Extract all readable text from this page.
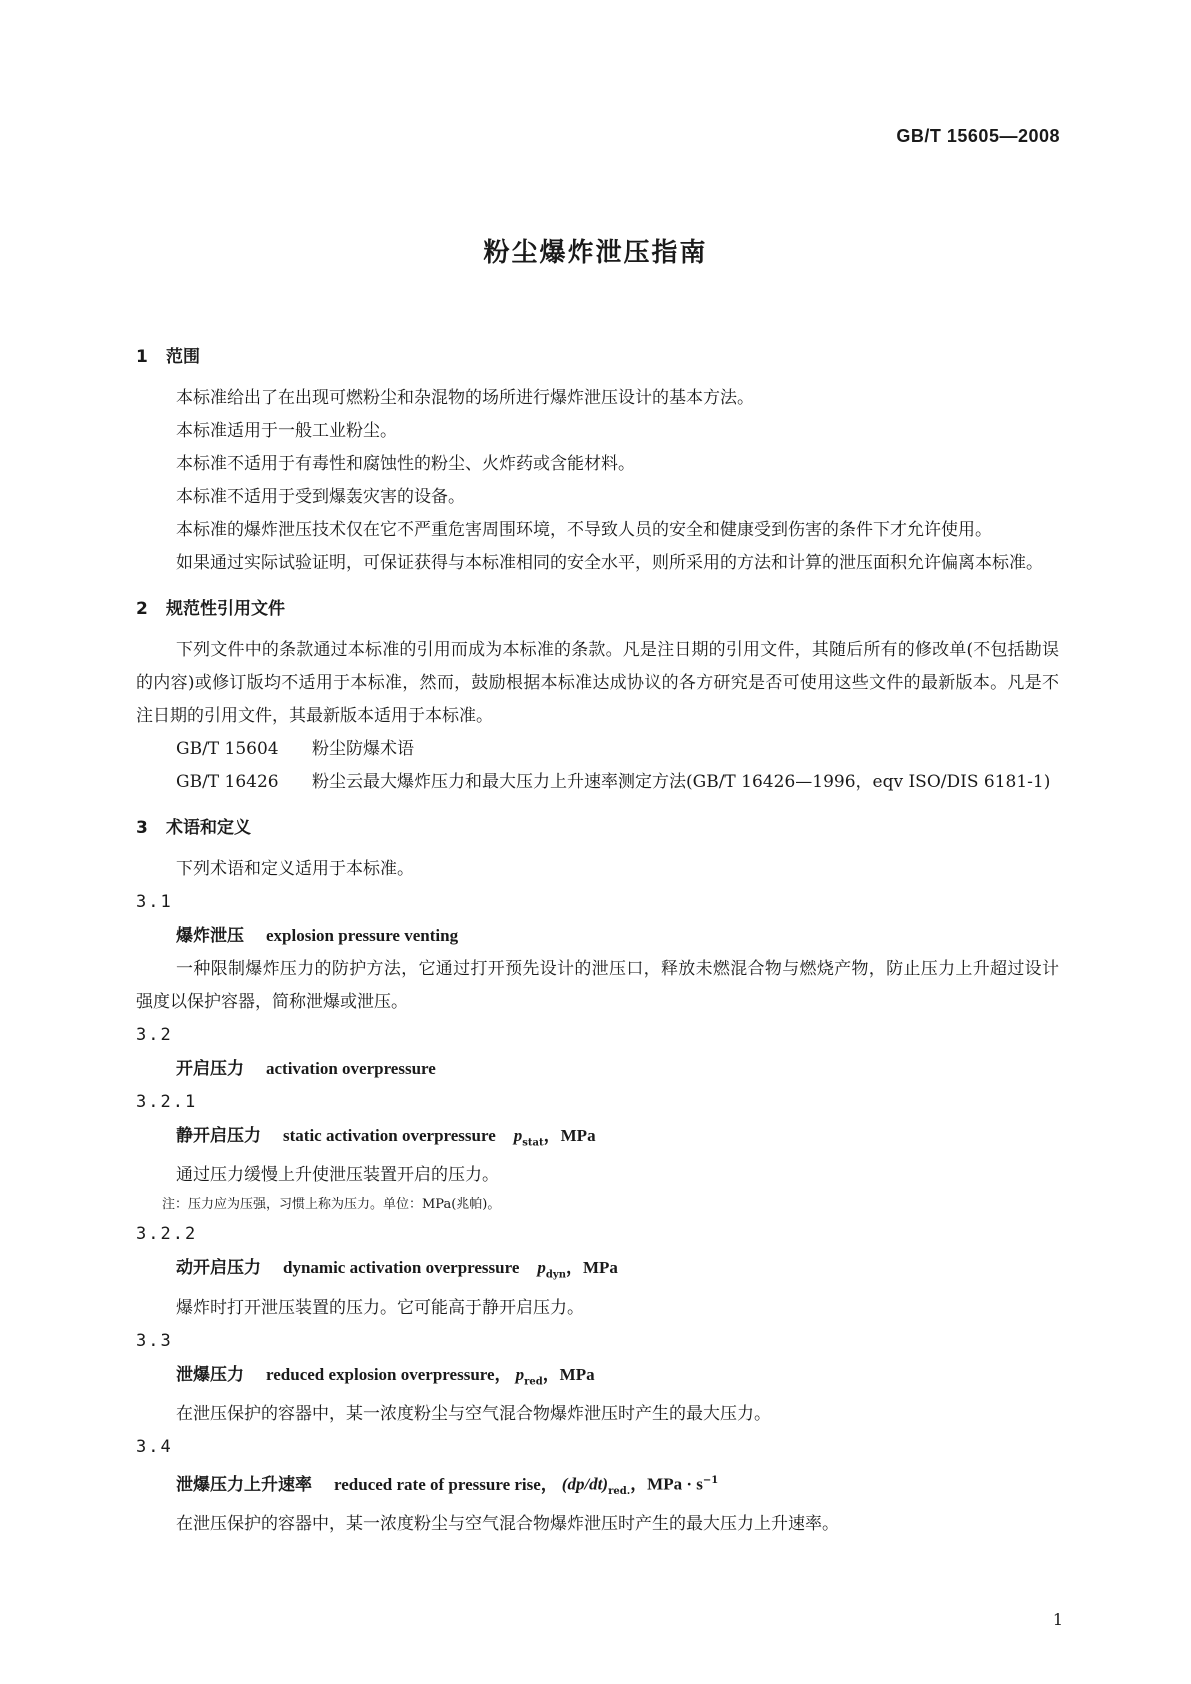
GB/T 15605—2008
粉尘爆炸泄压指南
1 范围

本标准给出了在出现可燃粉尘和杂混物的场所进行爆炸泄压设计的基本方法。

本标准适用于一般工业粉尘。

本标准不适用于有毒性和腐蚀性的粉尘、火炸药或含能材料。

本标准不适用于受到爆轰灾害的设备。

本标准的爆炸泄压技术仅在它不严重危害周围环境，不导致人员的安全和健康受到伤害的条件下才允许使用。

如果通过实际试验证明，可保证获得与本标准相同的安全水平，则所采用的方法和计算的泄压面积允许偏离本标准。

2 规范性引用文件

下列文件中的条款通过本标准的引用而成为本标准的条款。凡是注日期的引用文件，其随后所有的修改单(不包括勘误的内容)或修订版均不适用于本标准，然而，鼓励根据本标准达成协议的各方研究是否可使用这些文件的最新版本。凡是不注日期的引用文件，其最新版本适用于本标准。

GB/T 15604	粉尘防爆术语
GB/T 16426	粉尘云最大爆炸压力和最大压力上升速率测定方法(GB/T 16426—1996，eqv ISO/DIS 6181-1)
3 术语和定义

下列术语和定义适用于本标准。

3.1
爆炸泄压 explosion pressure venting

一种限制爆炸压力的防护方法，它通过打开预先设计的泄压口，释放未燃混合物与燃烧产物，防止压力上升超过设计强度以保护容器，简称泄爆或泄压。

3.2
开启压力 activation overpressure
3.2.1
静开启压力 static activation overpressure $p_{stat}$，MPa

通过压力缓慢上升使泄压装置开启的压力。

注：压力应为压强，习惯上称为压力。单位：MPa(兆帕)。
3.2.2
动开启压力 dynamic activation overpressure $p_{dyn}$，MPa

爆炸时打开泄压装置的压力。它可能高于静开启压力。

3.3
泄爆压力 reduced explosion overpressure， $p_{red}$，MPa

在泄压保护的容器中，某一浓度粉尘与空气混合物爆炸泄压时产生的最大压力。

3.4
泄爆压力上升速率 reduced rate of pressure rise， $(dp/dt)_{red.}$，MPa · $s^{-1}$

在泄压保护的容器中，某一浓度粉尘与空气混合物爆炸泄压时产生的最大压力上升速率。

1
